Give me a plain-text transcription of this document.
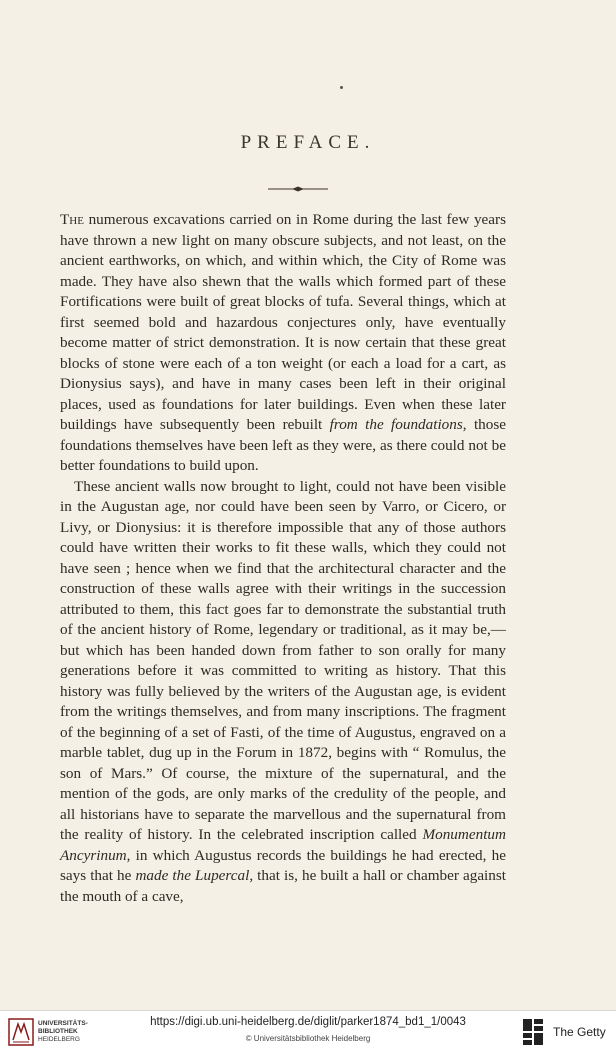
PREFACE.

The numerous excavations carried on in Rome during the last few years have thrown a new light on many obscure subjects, and not least, on the ancient earthworks, on which, and within which, the City of Rome was made. They have also shewn that the walls which formed part of these Fortifications were built of great blocks of tufa. Several things, which at first seemed bold and hazardous conjectures only, have eventually become matter of strict demonstration. It is now certain that these great blocks of stone were each of a ton weight (or each a load for a cart, as Dionysius says), and have in many cases been left in their original places, used as foundations for later buildings. Even when these later buildings have subsequently been rebuilt from the foundations, those foundations themselves have been left as they were, as there could not be better foundations to build upon.

These ancient walls now brought to light, could not have been visible in the Augustan age, nor could have been seen by Varro, or Cicero, or Livy, or Dionysius: it is therefore impossible that any of those authors could have written their works to fit these walls, which they could not have seen ; hence when we find that the architectural character and the construction of these walls agree with their writings in the succession attributed to them, this fact goes far to demonstrate the substantial truth of the ancient history of Rome, legendary or traditional, as it may be,—but which has been handed down from father to son orally for many generations before it was committed to writing as history. That this history was fully believed by the writers of the Augustan age, is evident from the writings themselves, and from many inscriptions. The fragment of the beginning of a set of Fasti, of the time of Augustus, engraved on a marble tablet, dug up in the Forum in 1872, begins with “ Romulus, the son of Mars.” Of course, the mixture of the supernatural, and the mention of the gods, are only marks of the credulity of the people, and all historians have to separate the marvellous and the supernatural from the reality of history. In the celebrated inscription called Monumentum Ancyrinum, in which Augustus records the buildings he had erected, he says that he made the Lupercal, that is, he built a hall or chamber against the mouth of a cave,

UNIVERSITÄTS-
BIBLIOTHEK
HEIDELBERG
https://digi.ub.uni-heidelberg.de/diglit/parker1874_bd1_1/0043
© Universitätsbibliothek Heidelberg	The Getty
